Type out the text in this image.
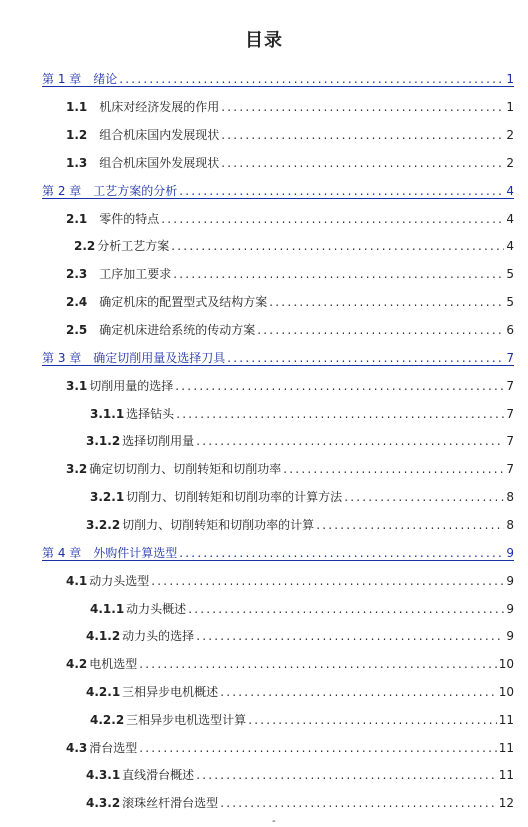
目录
第 1 章 绪论 .....	1
1.1 机床对经济发展的作用 .....	1
1.2 组合机床国内发展现状 .....	2
1.3 组合机床国外发展现状 .....	2
第 2 章 工艺方案的分析 .....	4
2.1 零件的特点 .....	4
2.2 分析工艺方案 .....	4
2.3 工序加工要求 .....	5
2.4 确定机床的配置型式及结构方案 .....	5
2.5 确定机床进给系统的传动方案 .....	6
第 3 章 确定切削用量及选择刀具 .....	7
3.1 切削用量的选择 .....	7
3.1.1 选择钻头 .....	7
3.1.2 选择切削用量 .....	7
3.2 确定切切削力、切削转矩和切削功率 .....	7
3.2.1 切削力、切削转矩和切削功率的计算方法 .....	8
3.2.2 切削力、切削转矩和切削功率的计算 .....	8
第 4 章 外购件计算选型 .....	9
4.1 动力头选型 .....	9
4.1.1 动力头概述 .....	9
4.1.2 动力头的选择 .....	9
4.2 电机选型 .....	10
4.2.1 三相异步电机概述 .....	10
4.2.2 三相异步电机选型计算 .....	11
4.3 滑台选型 .....	11
4.3.1 直线滑台概述 .....	11
4.3.2 滚珠丝杆滑台选型 .....	12
-
